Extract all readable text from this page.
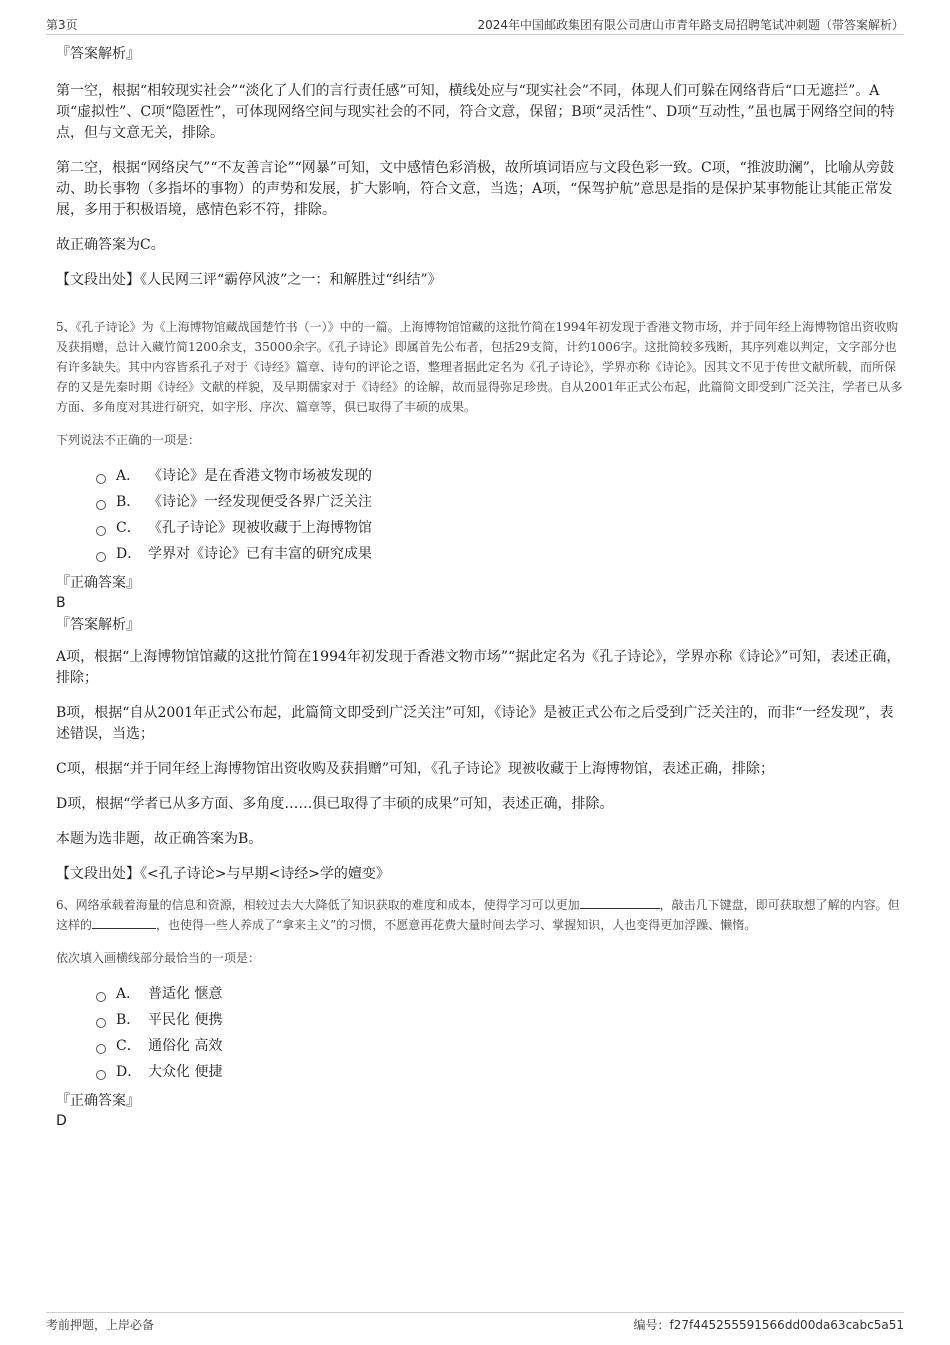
第3页	2024年中国邮政集团有限公司唐山市青年路支局招聘笔试冲刺题（带答案解析）

『答案解析』

第一空，根据“相较现实社会”“淡化了人们的言行责任感”可知，横线处应与“现实社会”不同，体现人们可躲在网络背后“口无遮拦”。A项“虚拟性”、C项“隐匿性”，可体现网络空间与现实社会的不同，符合文意，保留；B项“灵活性”、D项“互动性，”虽也属于网络空间的特点，但与文意无关，排除。

第二空，根据“网络戾气”“不友善言论”“网暴”可知，文中感情色彩消极，故所填词语应与文段色彩一致。C项，“推波助澜”，比喻从旁鼓动、助长事物（多指坏的事物）的声势和发展，扩大影响，符合文意，当选；A项，“保驾护航”意思是指的是保护某事物能让其能正常发展，多用于积极语境，感情色彩不符，排除。

故正确答案为C。

【文段出处】《人民网三评“霸停风波”之一：和解胜过“纠结”》

5、《孔子诗论》为《上海博物馆藏战国楚竹书（一）》中的一篇。上海博物馆馆藏的这批竹简在1994年初发现于香港文物市场，并于同年经上海博物馆出资收购及获捐赠，总计入藏竹简1200余支，35000余字。《孔子诗论》即属首先公布者，包括29支简，计约1006字。这批简较多残断，其序列难以判定，文字部分也有许多缺失。其中内容皆系孔子对于《诗经》篇章、诗句的评论之语，整理者据此定名为《孔子诗论》，学界亦称《诗论》。因其文不见于传世文献所载，而所保存的又是先秦时期《诗经》文献的样貌，及早期儒家对于《诗经》的诠解，故而显得弥足珍贵。自从2001年正式公布起，此篇简文即受到广泛关注，学者已从多方面、多角度对其进行研究，如字形、序次、篇章等，俱已取得了丰硕的成果。

下列说法不正确的一项是：

A． 《诗论》是在香港文物市场被发现的
B． 《诗论》一经发现便受各界广泛关注
C． 《孔子诗论》现被收藏于上海博物馆
D． 学界对《诗论》已有丰富的研究成果

『正确答案』

B

『答案解析』

A项，根据“上海博物馆馆藏的这批竹简在1994年初发现于香港文物市场”“据此定名为《孔子诗论》，学界亦称《诗论》”可知，表述正确，排除；

B项，根据“自从2001年正式公布起，此篇简文即受到广泛关注”可知，《诗论》是被正式公布之后受到广泛关注的，而非“一经发现”，表述错误，当选；

C项，根据“并于同年经上海博物馆出资收购及获捐赠”可知，《孔子诗论》现被收藏于上海博物馆，表述正确，排除；

D项，根据“学者已从多方面、多角度……俱已取得了丰硕的成果”可知，表述正确，排除。

本题为选非题，故正确答案为B。

【文段出处】《<孔子诗论>与早期<诗经>学的嬗变》

6、网络承载着海量的信息和资源，相较过去大大降低了知识获取的难度和成本，使得学习可以更加	，敲击几下键盘，即可获取想了解的内容。但这样的	，也使得一些人养成了“拿来主义”的习惯，不愿意再花费大量时间去学习、掌握知识，人也变得更加浮躁、懒惰。

依次填入画横线部分最恰当的一项是：

A． 普适化 惬意
B． 平民化 便携
C． 通俗化 高效
D． 大众化 便捷

『正确答案』

D

考前押题，上岸必备	编号：f27f445255591566dd00da63cabc5a51
